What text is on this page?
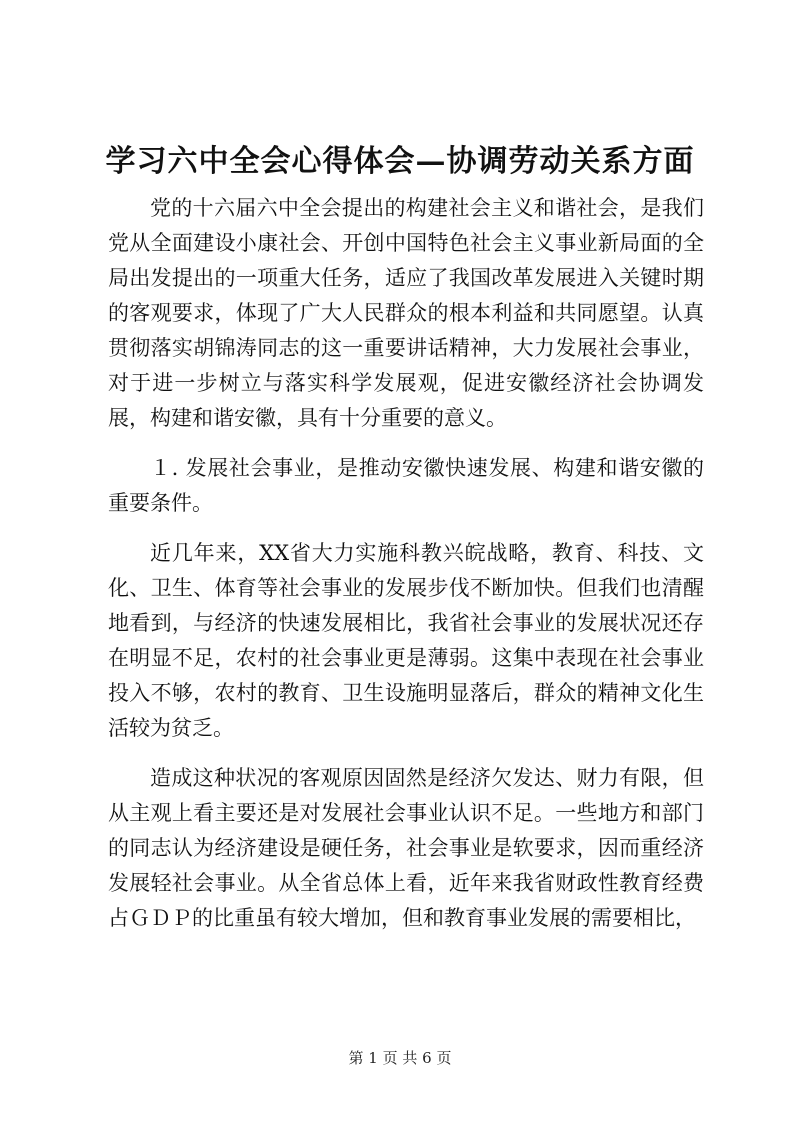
学习六中全会心得体会—协调劳动关系方面

党的十六届六中全会提出的构建社会主义和谐社会，是我们党从全面建设小康社会、开创中国特色社会主义事业新局面的全局出发提出的一项重大任务，适应了我国改革发展进入关键时期的客观要求，体现了广大人民群众的根本利益和共同愿望。认真贯彻落实胡锦涛同志的这一重要讲话精神，大力发展社会事业，对于进一步树立与落实科学发展观，促进安徽经济社会协调发展，构建和谐安徽，具有十分重要的意义。

１. 发展社会事业，是推动安徽快速发展、构建和谐安徽的重要条件。

近几年来，XX省大力实施科教兴皖战略，教育、科技、文化、卫生、体育等社会事业的发展步伐不断加快。但我们也清醒地看到，与经济的快速发展相比，我省社会事业的发展状况还存在明显不足，农村的社会事业更是薄弱。这集中表现在社会事业投入不够，农村的教育、卫生设施明显落后，群众的精神文化生活较为贫乏。

造成这种状况的客观原因固然是经济欠发达、财力有限，但从主观上看主要还是对发展社会事业认识不足。一些地方和部门的同志认为经济建设是硬任务，社会事业是软要求，因而重经济发展轻社会事业。从全省总体上看，近年来我省财政性教育经费占ＧＤＰ的比重虽有较大增加，但和教育事业发展的需要相比，

第 1 页 共 6 页
